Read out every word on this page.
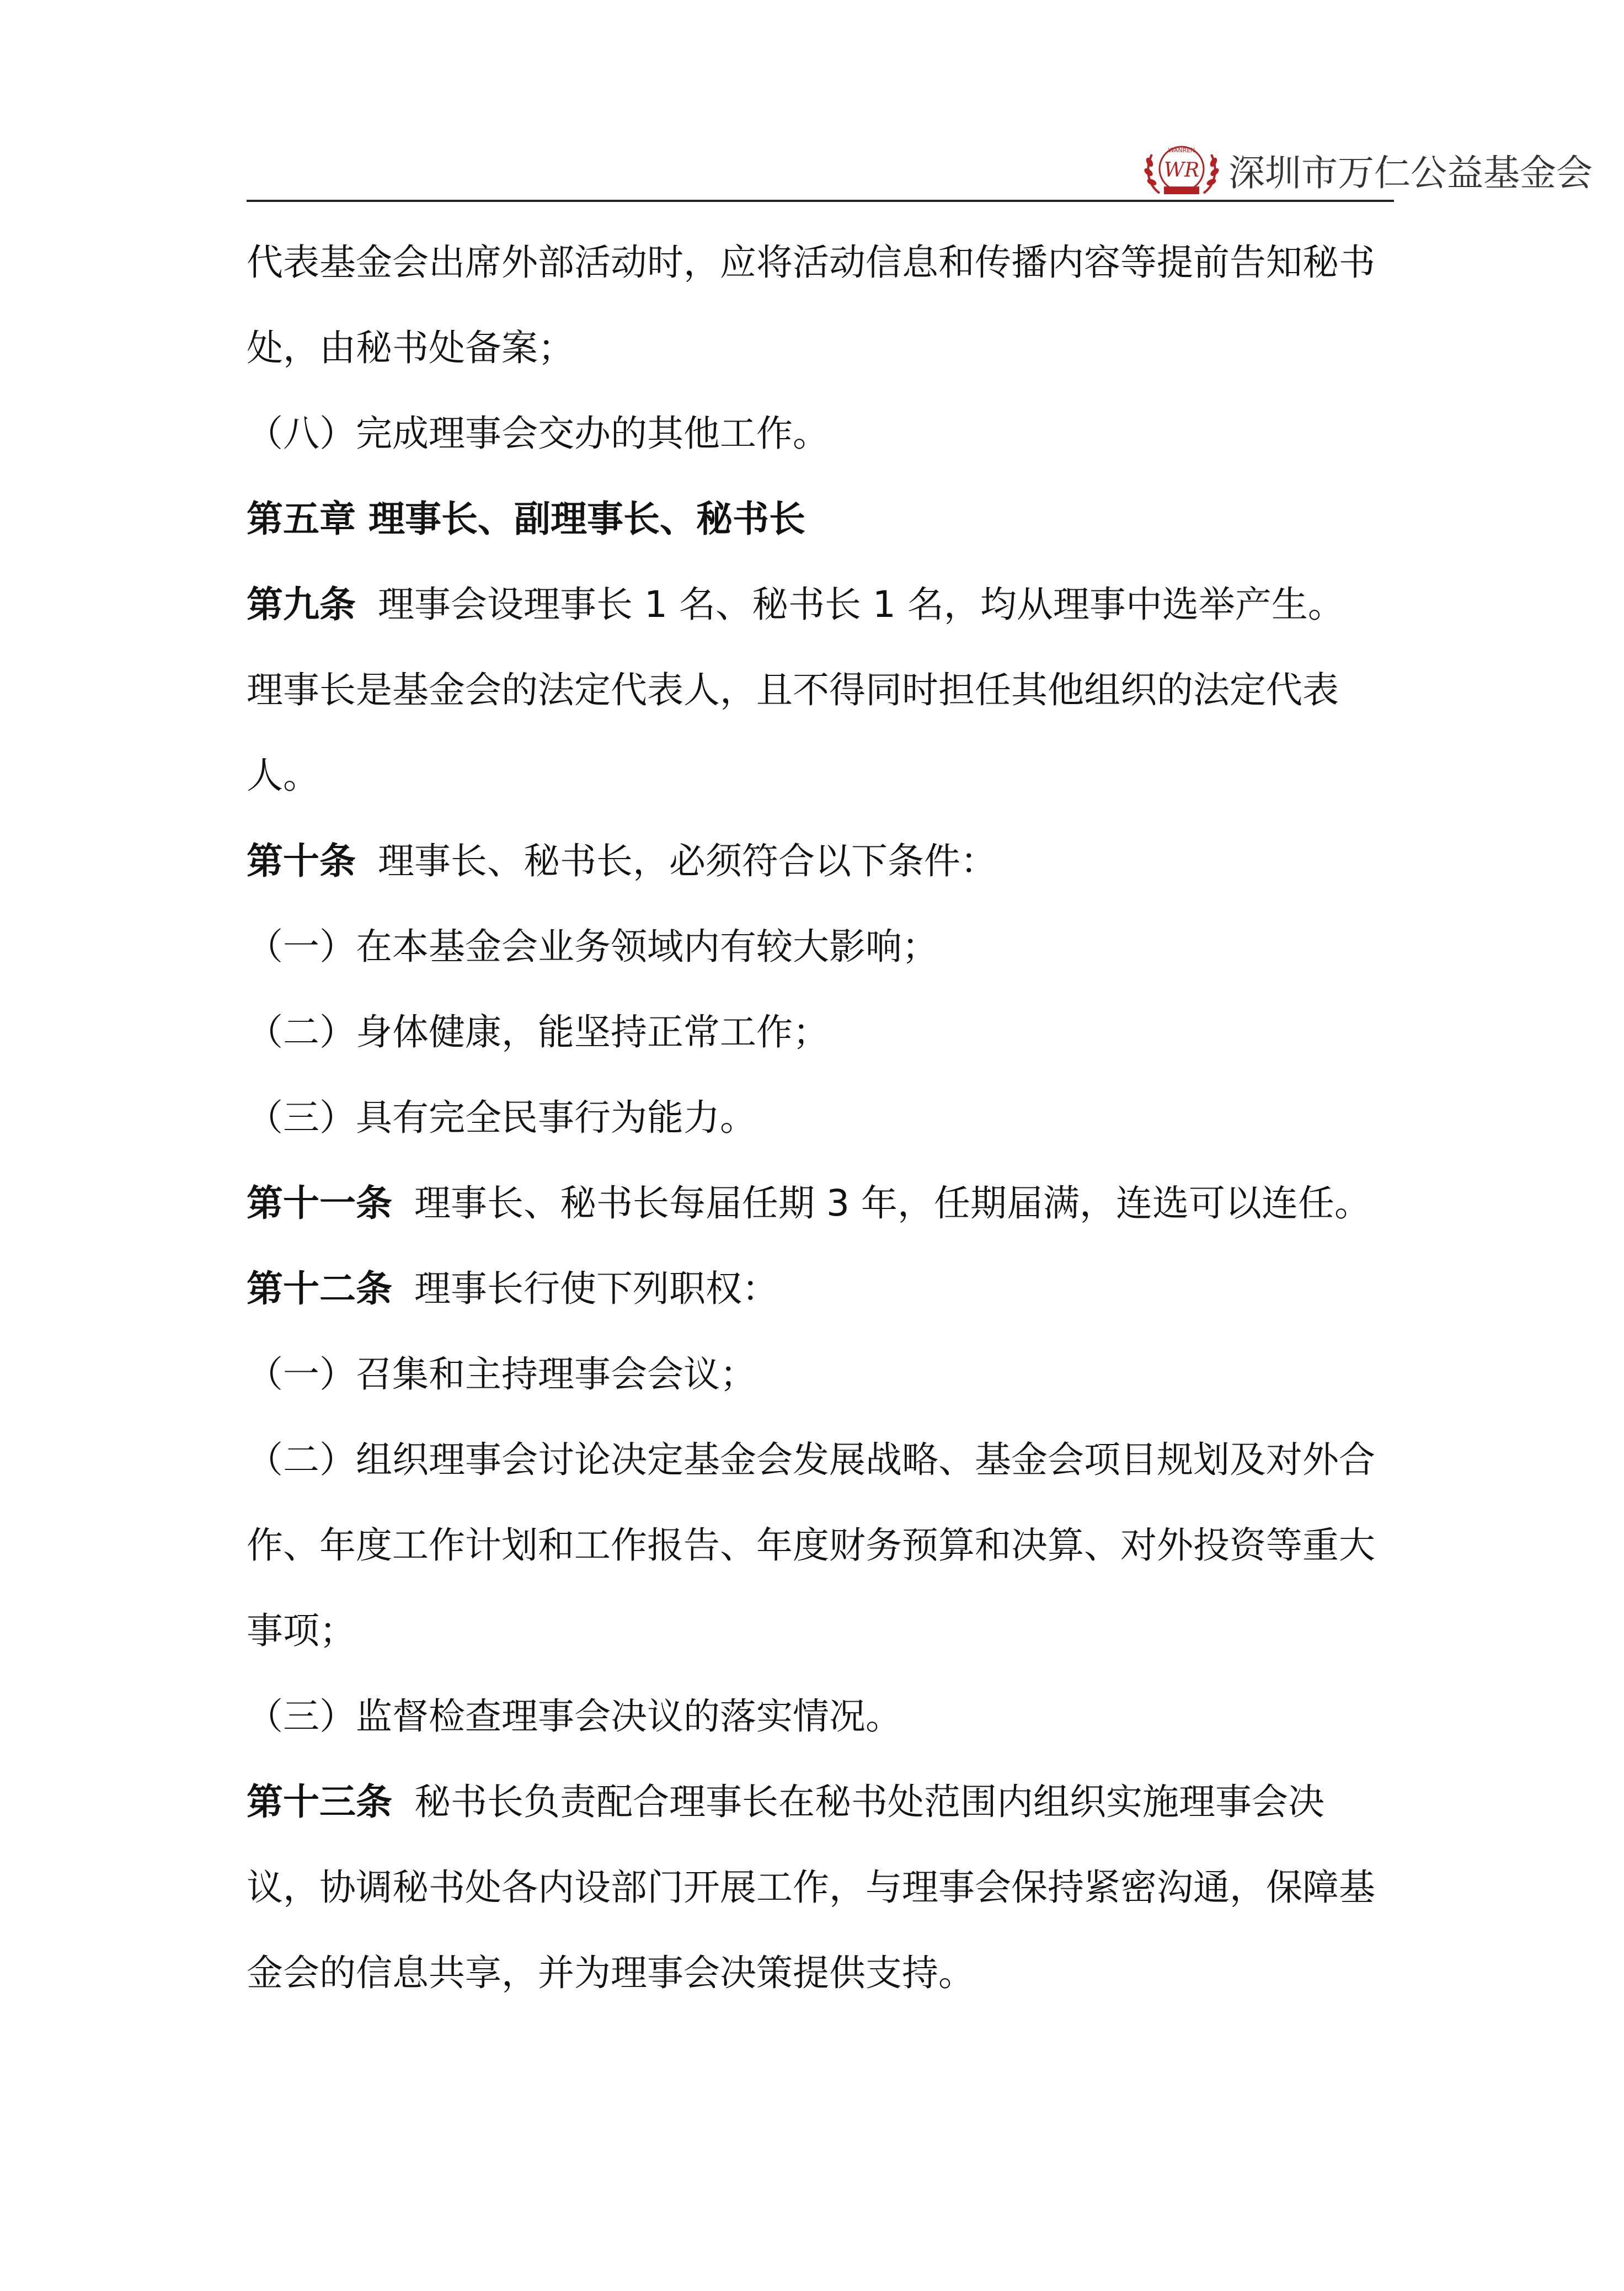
WANREN
WR 深圳市万仁公益基金会
代表基金会出席外部活动时，应将活动信息和传播内容等提前告知秘书
处，由秘书处备案；
（八）完成理事会交办的其他工作。
第五章 理事长、副理事长、秘书长
第九条 理事会设理事长 1 名、秘书长 1 名，均从理事中选举产生。
理事长是基金会的法定代表人，且不得同时担任其他组织的法定代表
人。
第十条 理事长、秘书长，必须符合以下条件：
（一）在本基金会业务领域内有较大影响；
（二）身体健康，能坚持正常工作；
（三）具有完全民事行为能力。
第十一条 理事长、秘书长每届任期 3 年，任期届满，连选可以连任。
第十二条 理事长行使下列职权：
（一）召集和主持理事会会议；
（二）组织理事会讨论决定基金会发展战略、基金会项目规划及对外合
作、年度工作计划和工作报告、年度财务预算和决算、对外投资等重大
事项；
（三）监督检查理事会决议的落实情况。
第十三条 秘书长负责配合理事长在秘书处范围内组织实施理事会决
议，协调秘书处各内设部门开展工作，与理事会保持紧密沟通，保障基
金会的信息共享，并为理事会决策提供支持。
